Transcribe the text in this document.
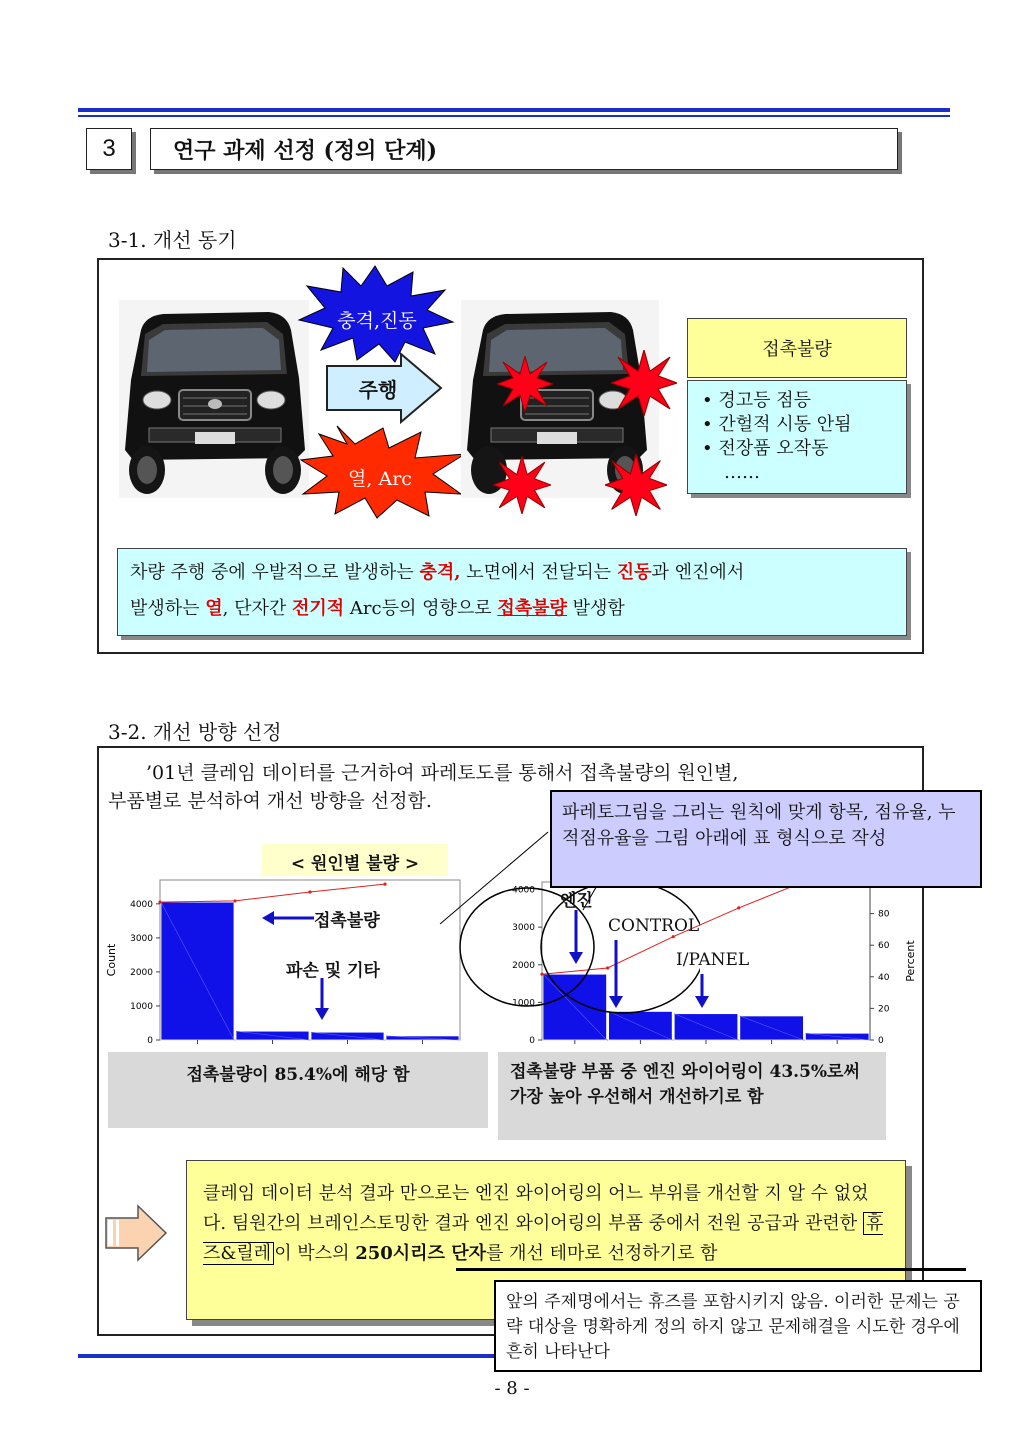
3	연구 과제 선정 (정의 단계)
3-1. 개선 동기
충격,진동
주행
열, Arc
접촉불량
• 경고등 점등
• 간헐적 시동 안됨
• 전장품 오작동
……
차량 주행 중에 우발적으로 발생하는 충격, 노면에서 전달되는 진동과 엔진에서
발생하는 열, 단자간 전기적 Arc등의 영향으로 접촉불량 발생함
3-2. 개선 방향 선정
’01년 클레임 데이터를 근거하여 파레토도를 통해서 접촉불량의 원인별,
부품별로 분석하여 개선 방향을 선정함.
< 원인별 불량 >
0
1000
2000
3000
4000
Count
0
1000
2000
3000
4000
0
20
40
60
80
Percent
접촉불량
파손 및 기타
엔진
CONTROL
I/PANEL
파레토그림을 그리는 원칙에 맞게 항목, 점유율, 누적점유율을 그림 아래에 표 형식으로 작성
접촉불량이 85.4%에 해당 함	접촉불량 부품 중 엔진 와이어링이 43.5%로써 가장 높아 우선해서 개선하기로 함
클레임 데이터 분석 결과 만으로는 엔진 와이어링의 어느 부위를 개선할 지 알 수 없었다. 팀원간의 브레인스토밍한 결과 엔진 와이어링의 부품 중에서 전원 공급과 관련한 휴즈&릴레 이 박스의 250시리즈 단자를 개선 테마로 선정하기로 함
앞의 주제명에서는 휴즈를 포함시키지 않음. 이러한 문제는 공략 대상을 명확하게 정의 하지 않고 문제해결을 시도한 경우에 흔히 나타난다
- 8 -
